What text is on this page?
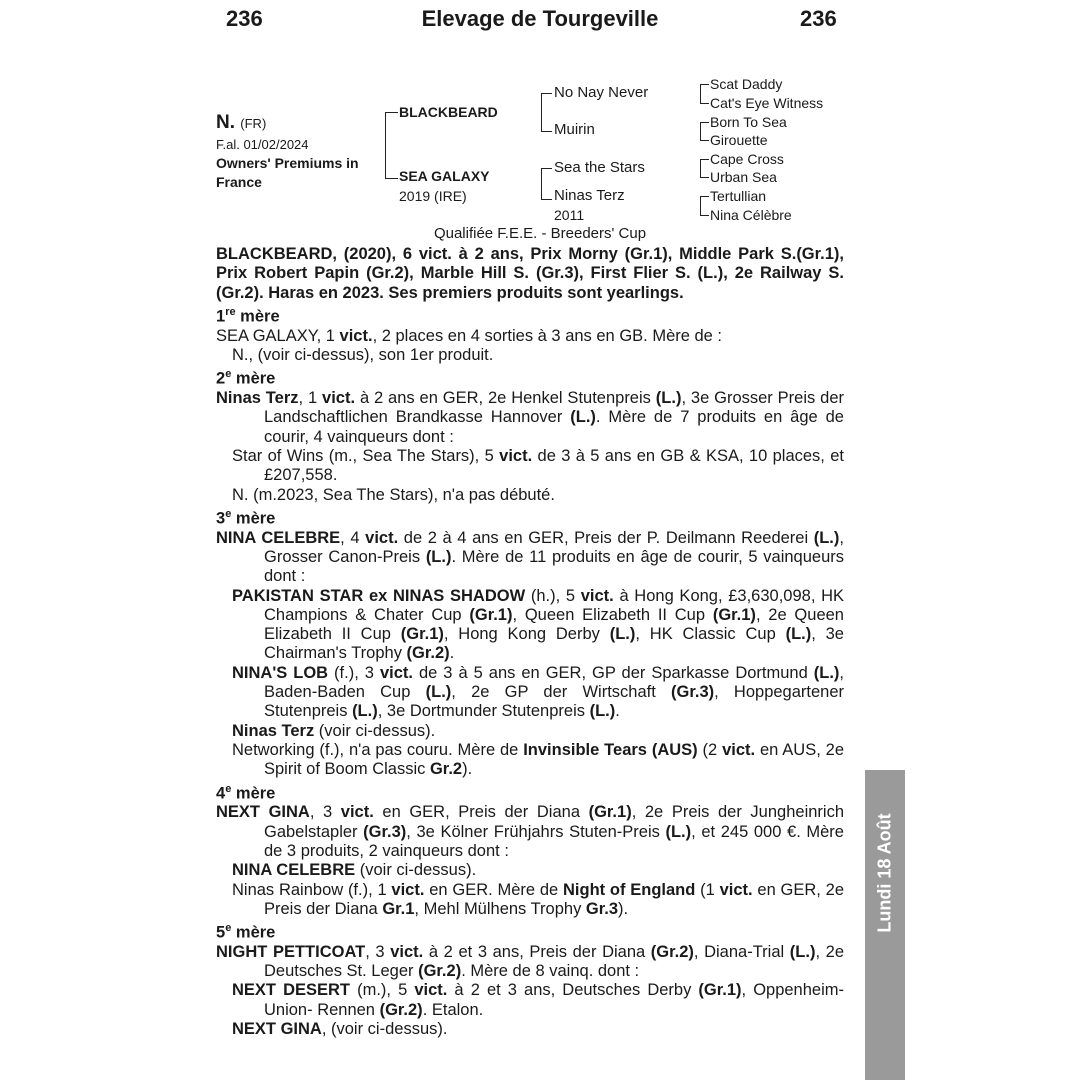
Elevage de Tourgeville
236	236
N. (FR)
F.al. 01/02/2024
Owners' Premiums in
France
BLACKBEARD
SEA GALAXY
2019 (IRE)
No Nay Never
Muirin
Sea the Stars
Ninas Terz
2011
Scat Daddy
Cat's Eye Witness
Born To Sea
Girouette
Cape Cross
Urban Sea
Tertullian
Nina Célèbre
Qualifiée F.E.E. - Breeders' Cup

BLACKBEARD, (2020), 6 vict. à 2 ans, Prix Morny (Gr.1), Middle Park S.(Gr.1), Prix Robert Papin (Gr.2), Marble Hill S. (Gr.3), First Flier S. (L.), 2e Railway S. (Gr.2). Haras en 2023. Ses premiers produits sont yearlings.

1re mère

SEA GALAXY, 1 vict., 2 places en 4 sorties à 3 ans en GB. Mère de :

N., (voir ci-dessus), son 1er produit.

2e mère

Ninas Terz, 1 vict. à 2 ans en GER, 2e Henkel Stutenpreis (L.), 3e Grosser Preis der Landschaftlichen Brandkasse Hannover (L.). Mère de 7 produits en âge de courir, 4 vainqueurs dont :

Star of Wins (m., Sea The Stars), 5 vict. de 3 à 5 ans en GB & KSA, 10 places, et £207,558.

N. (m.2023, Sea The Stars), n'a pas débuté.

3e mère

NINA CELEBRE, 4 vict. de 2 à 4 ans en GER, Preis der P. Deilmann Reederei (L.), Grosser Canon-Preis (L.). Mère de 11 produits en âge de courir, 5 vainqueurs dont :

PAKISTAN STAR ex NINAS SHADOW (h.), 5 vict. à Hong Kong, £3,630,098, HK Champions & Chater Cup (Gr.1), Queen Elizabeth II Cup (Gr.1), 2e Queen Elizabeth II Cup (Gr.1), Hong Kong Derby (L.), HK Classic Cup (L.), 3e Chairman's Trophy (Gr.2).

NINA'S LOB (f.), 3 vict. de 3 à 5 ans en GER, GP der Sparkasse Dortmund (L.), Baden-Baden Cup (L.), 2e GP der Wirtschaft (Gr.3), Hoppegartener Stutenpreis (L.), 3e Dortmunder Stutenpreis (L.).

Ninas Terz (voir ci-dessus).

Networking (f.), n'a pas couru. Mère de Invinsible Tears (AUS) (2 vict. en AUS, 2e Spirit of Boom Classic Gr.2).

4e mère

NEXT GINA, 3 vict. en GER, Preis der Diana (Gr.1), 2e Preis der Jungheinrich Gabelstapler (Gr.3), 3e Kölner Frühjahrs Stuten-Preis (L.), et 245 000 €. Mère de 3 produits, 2 vainqueurs dont :

NINA CELEBRE (voir ci-dessus).

Ninas Rainbow (f.), 1 vict. en GER. Mère de Night of England (1 vict. en GER, 2e Preis der Diana Gr.1, Mehl Mülhens Trophy Gr.3).

5e mère

NIGHT PETTICOAT, 3 vict. à 2 et 3 ans, Preis der Diana (Gr.2), Diana-Trial (L.), 2e Deutsches St. Leger (Gr.2). Mère de 8 vainq. dont :

NEXT DESERT (m.), 5 vict. à 2 et 3 ans, Deutsches Derby (Gr.1), Oppenheim-Union- Rennen (Gr.2). Etalon.

NEXT GINA, (voir ci-dessus).

Lundi 18 Août
